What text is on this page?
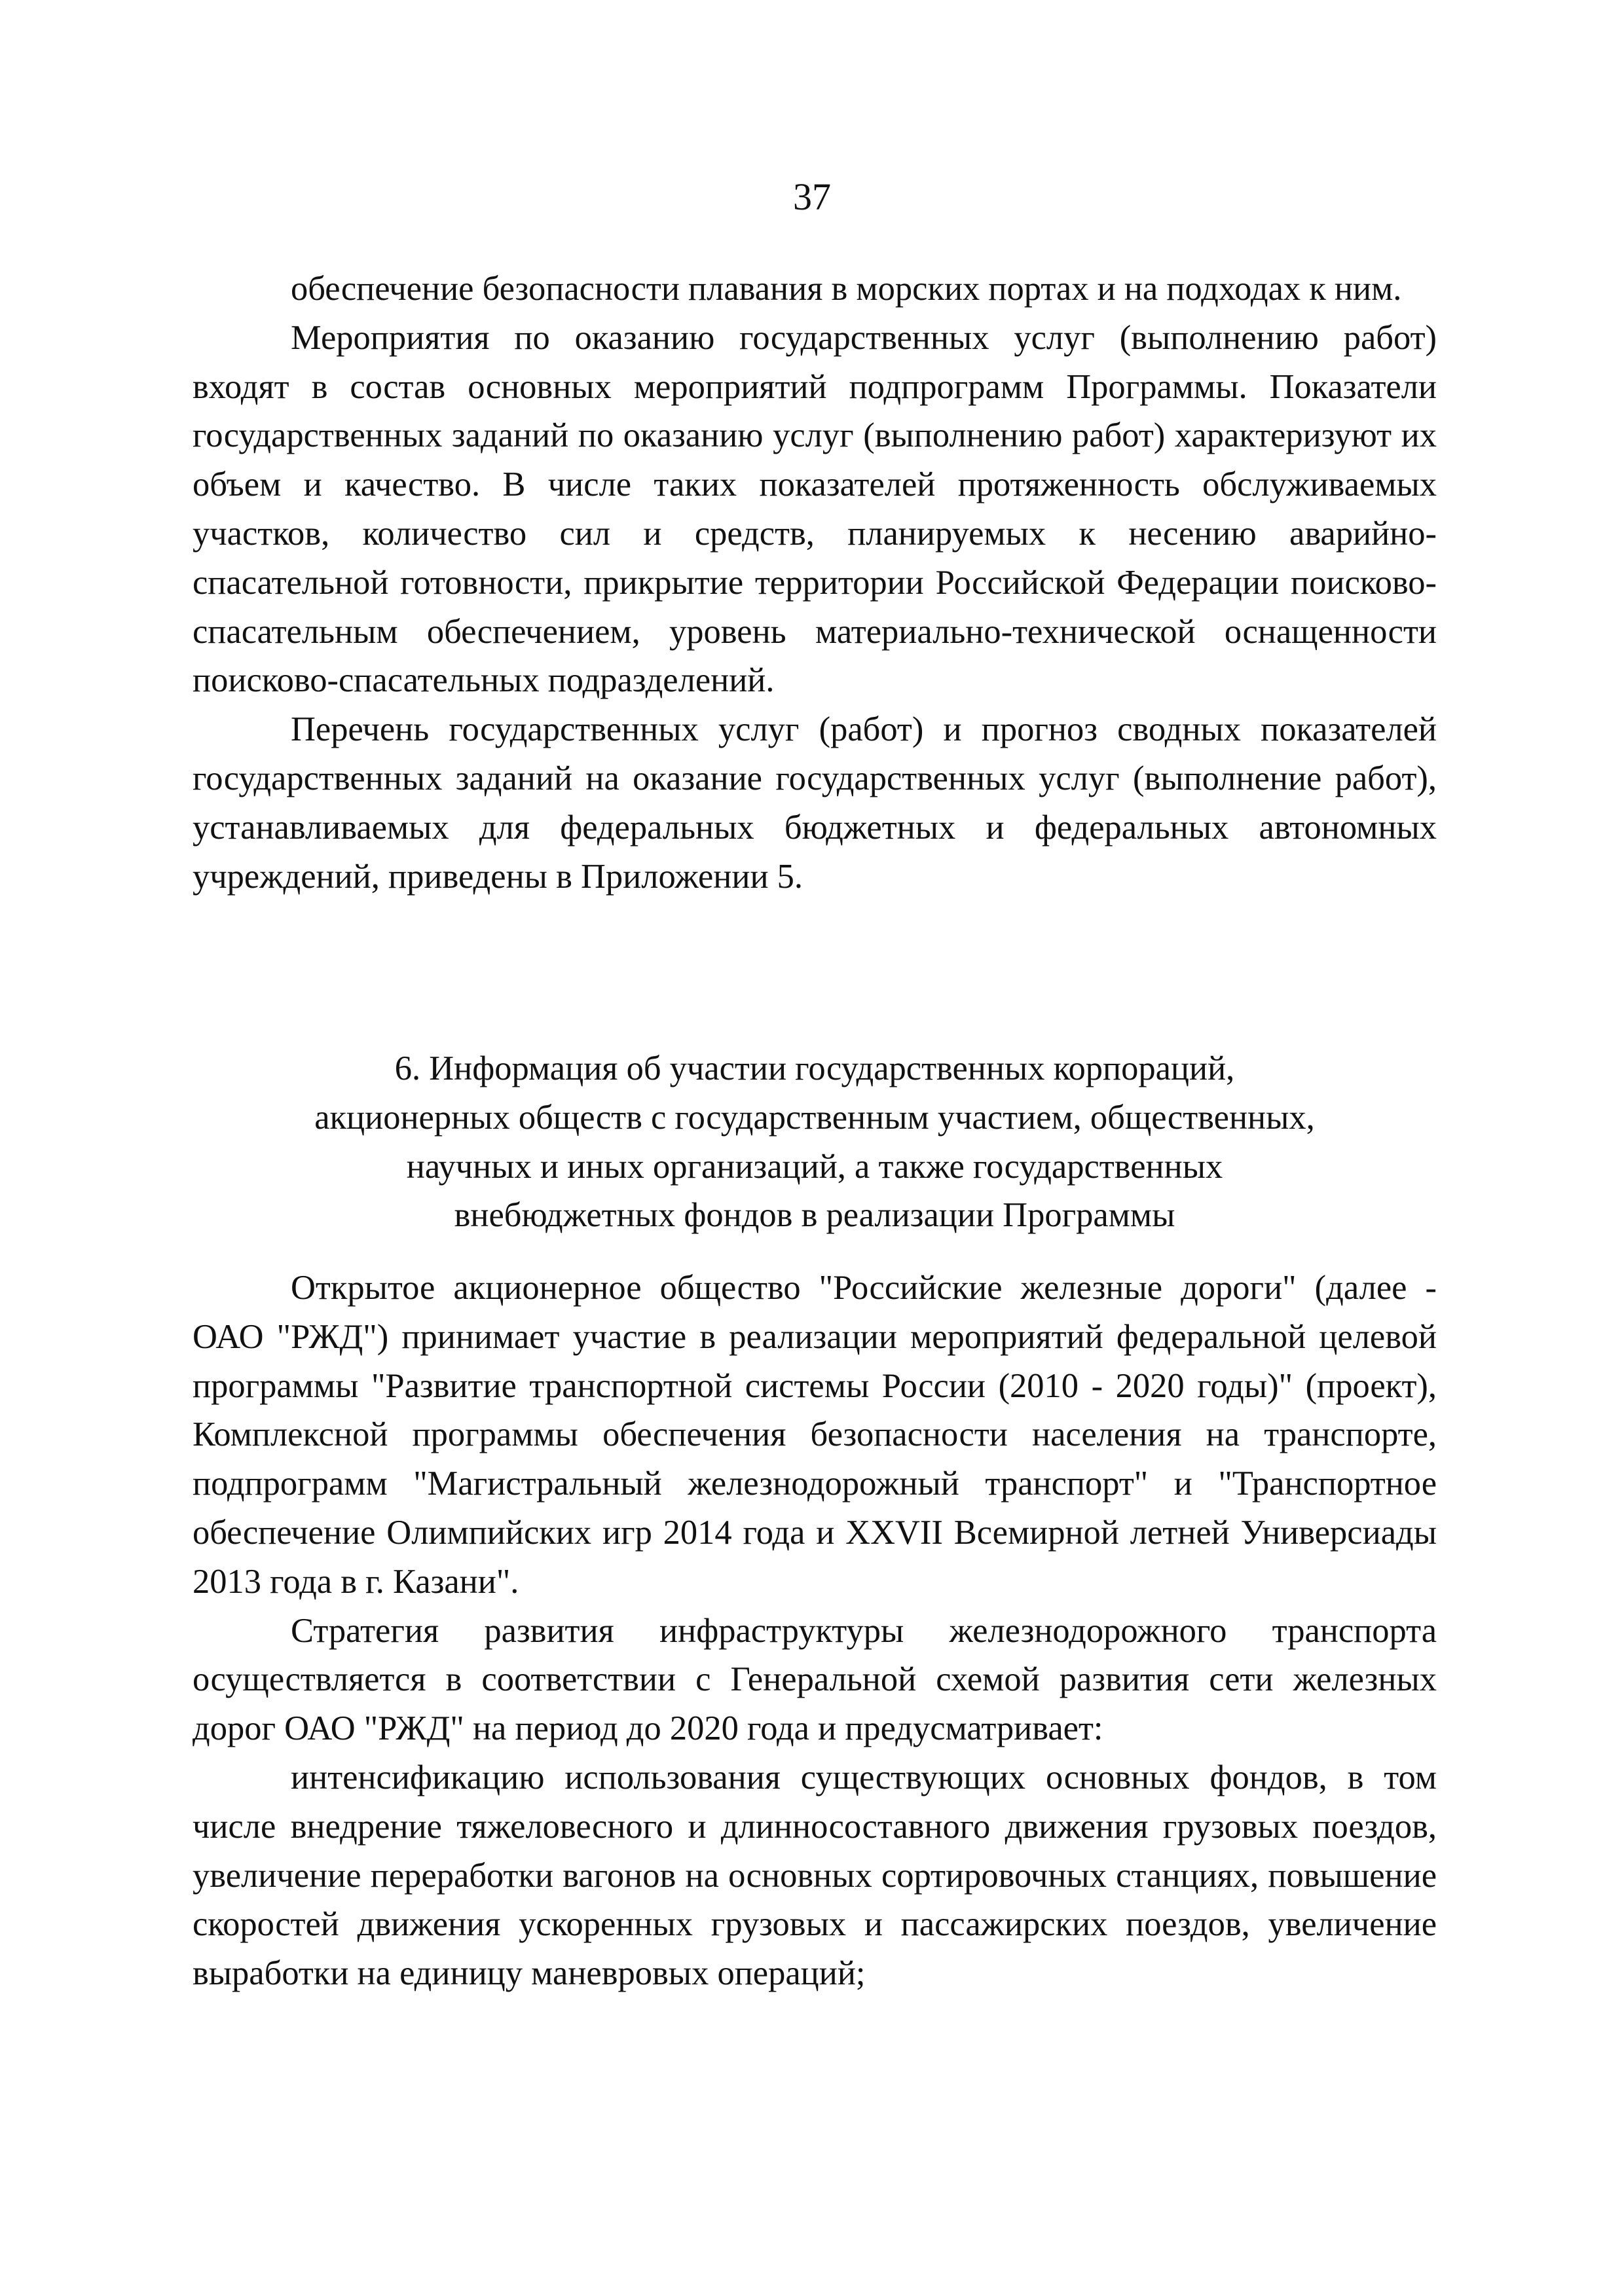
37

обеспечение безопасности плавания в морских портах и на подходах к ним.

Мероприятия по оказанию государственных услуг (выполнению работ) входят в состав основных мероприятий подпрограмм Программы. Показатели государственных заданий по оказанию услуг (выполнению работ) характеризуют их объем и качество. В числе таких показателей протяженность обслуживаемых участков, количество сил и средств, планируемых к несению аварийно-спасательной готовности, прикрытие территории Российской Федерации поисково-спасательным обеспечением, уровень материально-технической оснащенности поисково-спасательных подразделений.

Перечень государственных услуг (работ) и прогноз сводных показателей государственных заданий на оказание государственных услуг (выполнение работ), устанавливаемых для федеральных бюджетных и федеральных автономных учреждений, приведены в Приложении 5.

6. Информация об участии государственных корпораций,
акционерных обществ с государственным участием, общественных,
научных и иных организаций, а также государственных
внебюджетных фондов в реализации Программы

Открытое акционерное общество "Российские железные дороги" (далее - ОАО "РЖД") принимает участие в реализации мероприятий федеральной целевой программы "Развитие транспортной системы России (2010 - 2020 годы)" (проект), Комплексной программы обеспечения безопасности населения на транспорте, подпрограмм "Магистральный железнодорожный транспорт" и "Транспортное обеспечение Олимпийских игр 2014 года и XXVII Всемирной летней Универсиады 2013 года в г. Казани".

Стратегия развития инфраструктуры железнодорожного транспорта осуществляется в соответствии с Генеральной схемой развития сети железных дорог ОАО "РЖД" на период до 2020 года и предусматривает:

интенсификацию использования существующих основных фондов, в том числе внедрение тяжеловесного и длинносоставного движения грузовых поездов, увеличение переработки вагонов на основных сортировочных станциях, повышение скоростей движения ускоренных грузовых и пассажирских поездов, увеличение выработки на единицу маневровых операций;
